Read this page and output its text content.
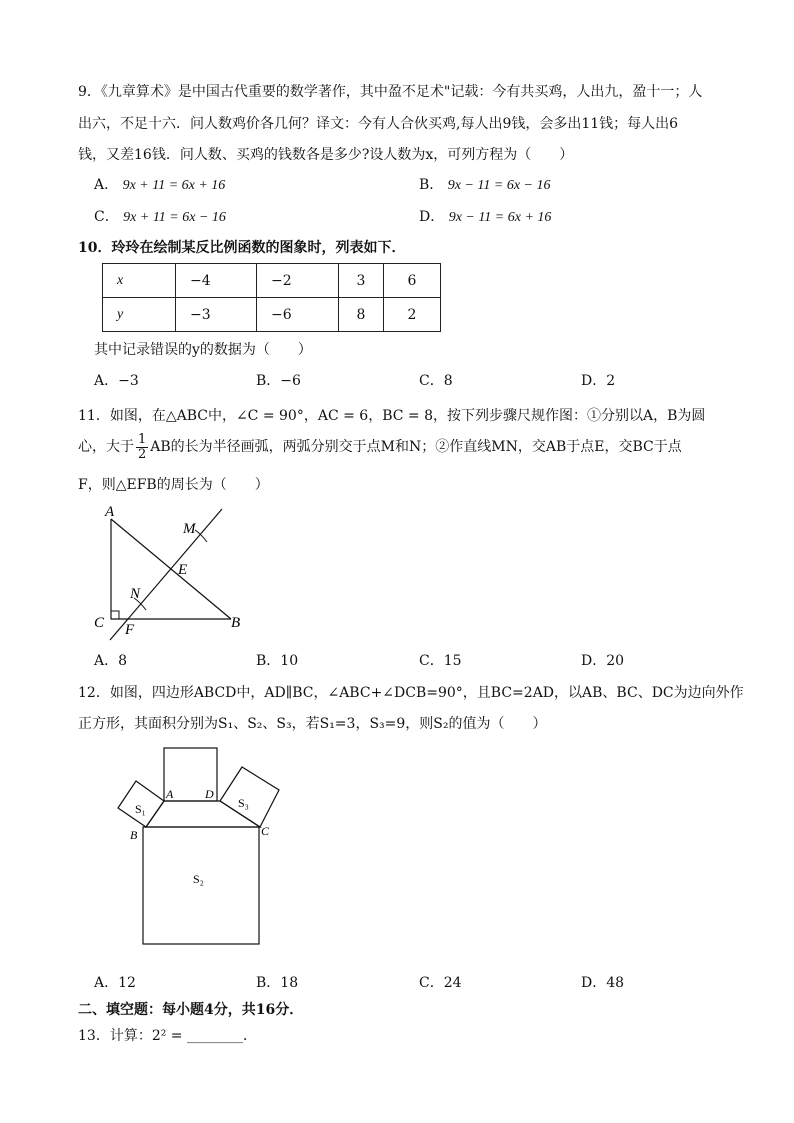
9．《九章算术》是中国古代重要的数学著作，其中盈不足术"记载：今有共买鸡，人出九，盈十一；人
出六，不足十六．问人数鸡价各几何？译文：今有人合伙买鸡,每人出9钱，会多出11钱；每人出6
钱，又差16钱．问人数、买鸡的钱数各是多少?设人数为x，可列方程为（　　）
A． 9x + 11 = 6x + 16	B． 9x − 11 = 6x − 16
C． 9x + 11 = 6x − 16	D． 9x − 11 = 6x + 16
10．玲玲在绘制某反比例函数的图象时，列表如下．
x	−4	−2	3	6
y	−3	−6	8	2
其中记录错误的y的数据为（　　）
A．−3	B．−6	C．8	D．2
11．如图，在△ABC中，∠C = 90°，AC = 6，BC = 8，按下列步骤尺规作图：①分别以A，B为圆
心，大于 $\frac{1}{2}$ AB的长为半径画弧，两弧分别交于点M和N；②作直线MN，交AB于点E，交BC于点
F，则△EFB的周长为（　　）
A
B
C
E
F
M
N
A．8	B．10	C．15	D．20
12．如图，四边形ABCD中，AD∥BC，∠ABC+∠DCB=90°，且BC=2AD，以AB、BC、DC为边向外作
正方形，其面积分别为S₁、S₂、S₃，若S₁=3，S₃=9，则S₂的值为（　　）
A	D
B	C
S₁	S₃
S₂
A．12	B．18	C．24	D．48
二、填空题：每小题4分，共16分．
13．计算：2² = ________．
